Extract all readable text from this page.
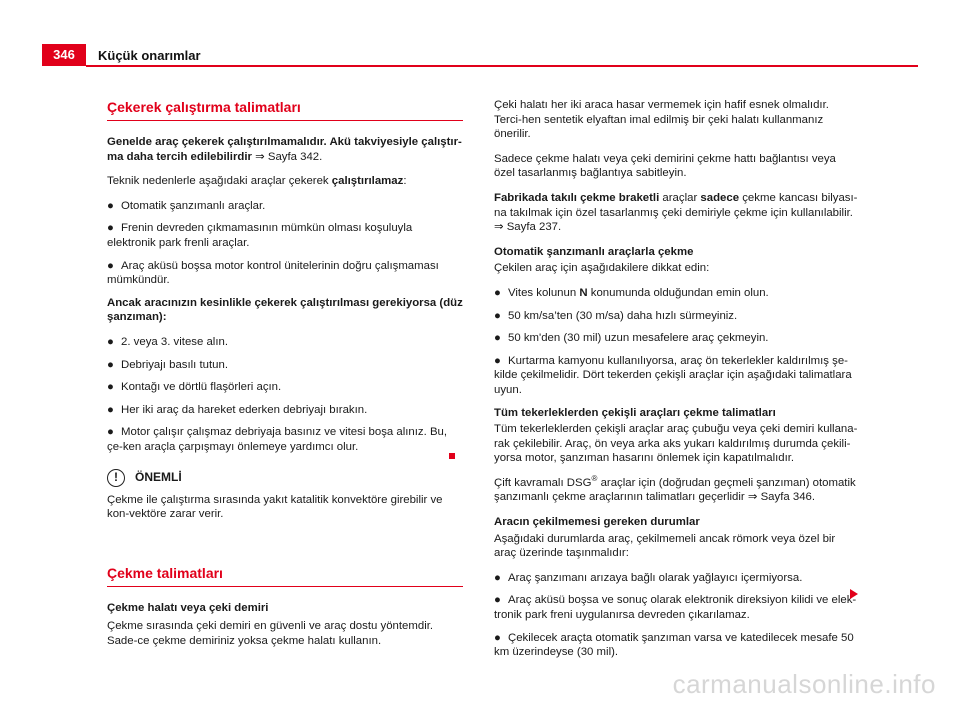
346	Küçük onarımlar
Çekerek çalıştırma talimatları

Genelde araç çekerek çalıştırılmamalıdır. Akü takviyesiyle çalıştır-ma daha tercih edilebilirdir ⇒ Sayfa 342.

Teknik nedenlerle aşağıdaki araçlar çekerek çalıştırılamaz:

● Otomatik şanzımanlı araçlar.
● Frenin devreden çıkmamasının mümkün olması koşuluyla elektronik park frenli araçlar.
● Araç aküsü boşsa motor kontrol ünitelerinin doğru çalışmaması mümkündür.

Ancak aracınızın kesinlikle çekerek çalıştırılması gerekiyorsa (düz şanzıman):

● 2. veya 3. vitese alın.
● Debriyajı basılı tutun.
● Kontağı ve dörtlü flaşörleri açın.
● Her iki araç da hareket ederken debriyajı bırakın.
● Motor çalışır çalışmaz debriyaja basınız ve vitesi boşa alınız. Bu, çe-ken araçla çarpışmayı önlemeye yardımcı olur.
!	ÖNEMLİ

Çekme ile çalıştırma sırasında yakıt katalitik konvektöre girebilir ve kon-vektöre zarar verir.

Çekme talimatları

Çekme halatı veya çeki demiri

Çekme sırasında çeki demiri en güvenli ve araç dostu yöntemdir. Sade-ce çekme demiriniz yoksa çekme halatı kullanın.

Çeki halatı her iki araca hasar vermemek için hafif esnek olmalıdır. Terci-hen sentetik elyaftan imal edilmiş bir çeki halatı kullanmanız önerilir.

Sadece çekme halatı veya çeki demirini çekme hattı bağlantısı veya özel tasarlanmış bağlantıya sabitleyin.

Fabrikada takılı çekme braketli araçlar sadece çekme kancası bilyası-na takılmak için özel tasarlanmış çeki demiriyle çekme için kullanılabilir. ⇒ Sayfa 237.

Otomatik şanzımanlı araçlarla çekme

Çekilen araç için aşağıdakilere dikkat edin:

● Vites kolunun N konumunda olduğundan emin olun.
● 50 km/sa’ten (30 m/sa) daha hızlı sürmeyiniz.
● 50 km'den (30 mil) uzun mesafelere araç çekmeyin.
● Kurtarma kamyonu kullanılıyorsa, araç ön tekerlekler kaldırılmış şe-kilde çekilmelidir. Dört tekerden çekişli araçlar için aşağıdaki talimatlara uyun.

Tüm tekerleklerden çekişli araçları çekme talimatları

Tüm tekerleklerden çekişli araçlar araç çubuğu veya çeki demiri kullana-rak çekilebilir. Araç, ön veya arka aks yukarı kaldırılmış durumda çekili-yorsa motor, şanzıman hasarını önlemek için kapatılmalıdır.

Çift kavramalı DSG® araçlar için (doğrudan geçmeli şanzıman) otomatik şanzımanlı çekme araçlarının talimatları geçerlidir ⇒ Sayfa 346.

Aracın çekilmemesi gereken durumlar

Aşağıdaki durumlarda araç, çekilmemeli ancak römork veya özel bir araç üzerinde taşınmalıdır:

● Araç şanzımanı arızaya bağlı olarak yağlayıcı içermiyorsa.
● Araç aküsü boşsa ve sonuç olarak elektronik direksiyon kilidi ve elek-tronik park freni uygulanırsa devreden çıkarılamaz.
● Çekilecek araçta otomatik şanzıman varsa ve katedilecek mesafe 50 km üzerindeyse (30 mil).
carmanualsonline.info
